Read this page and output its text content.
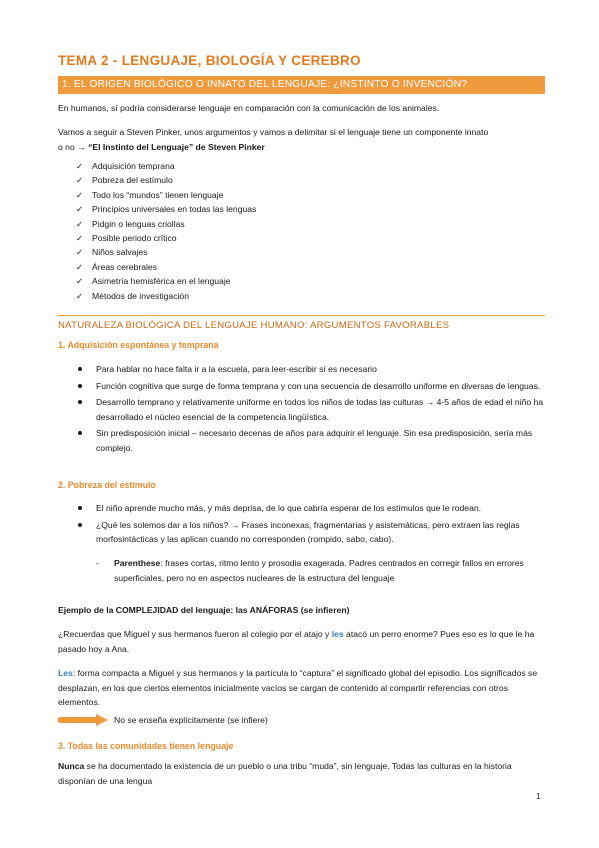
TEMA 2 - LENGUAJE, BIOLOGÍA Y CEREBRO
1. EL ORIGEN BIOLÓGICO O INNATO DEL LENGUAJE: ¿INSTINTO O INVENCIÓN?
En humanos, sí podría considerarse lenguaje en comparación con la comunicación de los animales.
Vamos a seguir a Steven Pinker, unos argumentos y vamos a delimitar si el lenguaje tiene un componente innato
o no → “El Instinto del Lenguaje” de Steven Pinker
✓ Adquisición temprana
✓ Pobreza del estímulo
✓ Todo los “mundos” tienen lenguaje
✓ Principios universales en todas las lenguas
✓ Pidgin o lenguas criollas
✓ Posible periodo crítico
✓ Niños salvajes
✓ Áreas cerebrales
✓ Asimetría hemisférica en el lenguaje
✓ Métodos de investigación
NATURALEZA BIOLÓGICA DEL LENGUAJE HUMANO: ARGUMENTOS FAVORABLES
1. Adquisición espontánea y temprana
Para hablar no hace falta ir a la escuela, para leer-escribir sí es necesario
Función cognitiva que surge de forma temprana y con una secuencia de desarrollo uniforme en diversas de lenguas.
Desarrollo temprano y relativamente uniforme en todos los niños de todas las culturas → 4-5 años de edad el niño ha desarrollado el núcleo esencial de la competencia lingüística.
Sin predisposición inicial – necesario decenas de años para adquirir el lenguaje. Sin esa predisposición, sería más complejo.
2. Pobreza del estímulo
El niño aprende mucho más, y más deprisa, de lo que cabría esperar de los estímulos que le rodean.
¿Qué les solemos dar a los niños? → Frases inconexas, fragmentarias y asistemáticas, pero extraen las reglas morfosintácticas y las aplican cuando no corresponden (rompido, sabo, cabo).
-	Parenthese: frases cortas, ritmo lento y prosodia exagerada. Padres centrados en corregir fallos en errores superficiales, pero no en aspectos nucleares de la estructura del lenguaje
Ejemplo de la COMPLEJIDAD del lenguaje: las ANÁFORAS (se infieren)
¿Recuerdas que Miguel y sus hermanos fueron al colegio por el atajo y les atacó un perro enorme? Pues eso es lo que le ha pasado hoy a Ana.
Les: forma compacta a Miguel y sus hermanos y la partícula lo “captura” el significado global del episodio. Los significados se desplazan, en los que ciertos elementos inicialmente vacíos se cargan de contenido al compartir referencias con otros elementos.
No se enseña explícitamente (se infiere)
3. Todas las comunidades tienen lenguaje
Nunca se ha documentado la existencia de un pueblo o una tribu “muda”, sin lenguaje. Todas las culturas en la historia disponían de una lengua
1
